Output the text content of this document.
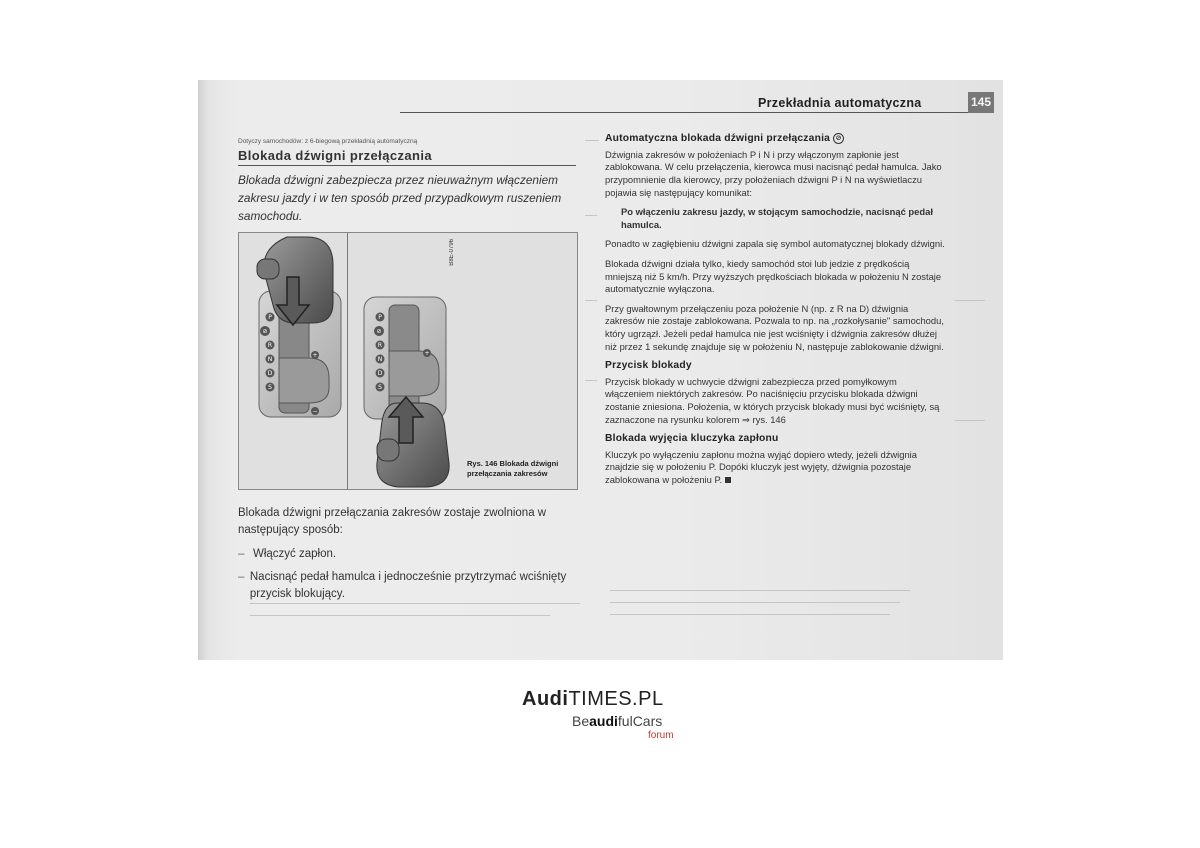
Przekładnia automatyczna	145
Dotyczy samochodów: z 6-biegową przekładnią automatyczną
Blokada dźwigni przełączania
Blokada dźwigni zabezpiecza przez nieuważnym włączeniem zakresu jazdy i w ten sposób przed przypadkowym ruszeniem samochodu.
P
⊘
R
N
D
S
+
−
P
⊘
R
N
D
S
+
B8E-0796
Rys. 146 Blokada dźwigni przełączania zakresów

Blokada dźwigni przełączania zakresów zostaje zwolniona w następujący sposób:

– Włączyć zapłon.
– Nacisnąć pedał hamulca i jednocześnie przytrzymać wciśnięty przycisk blokujący.
Automatyczna blokada dźwigni przełączania ⊘

Dźwignia zakresów w położeniach P i N i przy włączonym zapłonie jest zablokowana. W celu przełączenia, kierowca musi nacisnąć pedał hamulca. Jako przypomnienie dla kierowcy, przy położeniach dźwigni P i N na wyświetlaczu pojawia się następujący komunikat:

Po włączeniu zakresu jazdy, w stojącym samochodzie, nacisnąć pedał hamulca.

Ponadto w zagłębieniu dźwigni zapala się symbol automatycznej blokady dźwigni.

Blokada dźwigni działa tylko, kiedy samochód stoi lub jedzie z prędkością mniejszą niż 5 km/h. Przy wyższych prędkościach blokada w położeniu N zostaje automatycznie wyłączona.

Przy gwałtownym przełączeniu poza położenie N (np. z R na D) dźwignia zakresów nie zostaje zablokowana. Pozwala to np. na „rozkołysanie" samochodu, który ugrzązł. Jeżeli pedał hamulca nie jest wciśnięty i dźwignia zakresów dłużej niż przez 1 sekundę znajduje się w położeniu N, następuje zablokowanie dźwigni.

Przycisk blokady

Przycisk blokady w uchwycie dźwigni zabezpiecza przed pomyłkowym włączeniem niektórych zakresów. Po naciśnięciu przycisku blokada dźwigni zostanie zniesiona. Położenia, w których przycisk blokady musi być wciśnięty, są zaznaczone na rysunku kolorem ⇒ rys. 146

Blokada wyjęcia kluczyka zapłonu

Kluczyk po wyłączeniu zapłonu można wyjąć dopiero wtedy, jeżeli dźwignia znajdzie się w położeniu P. Dopóki kluczyk jest wyjęty, dźwignia pozostaje zablokowana w położeniu P.

AudiTIMES.PL
BeaudifulCars
forum
